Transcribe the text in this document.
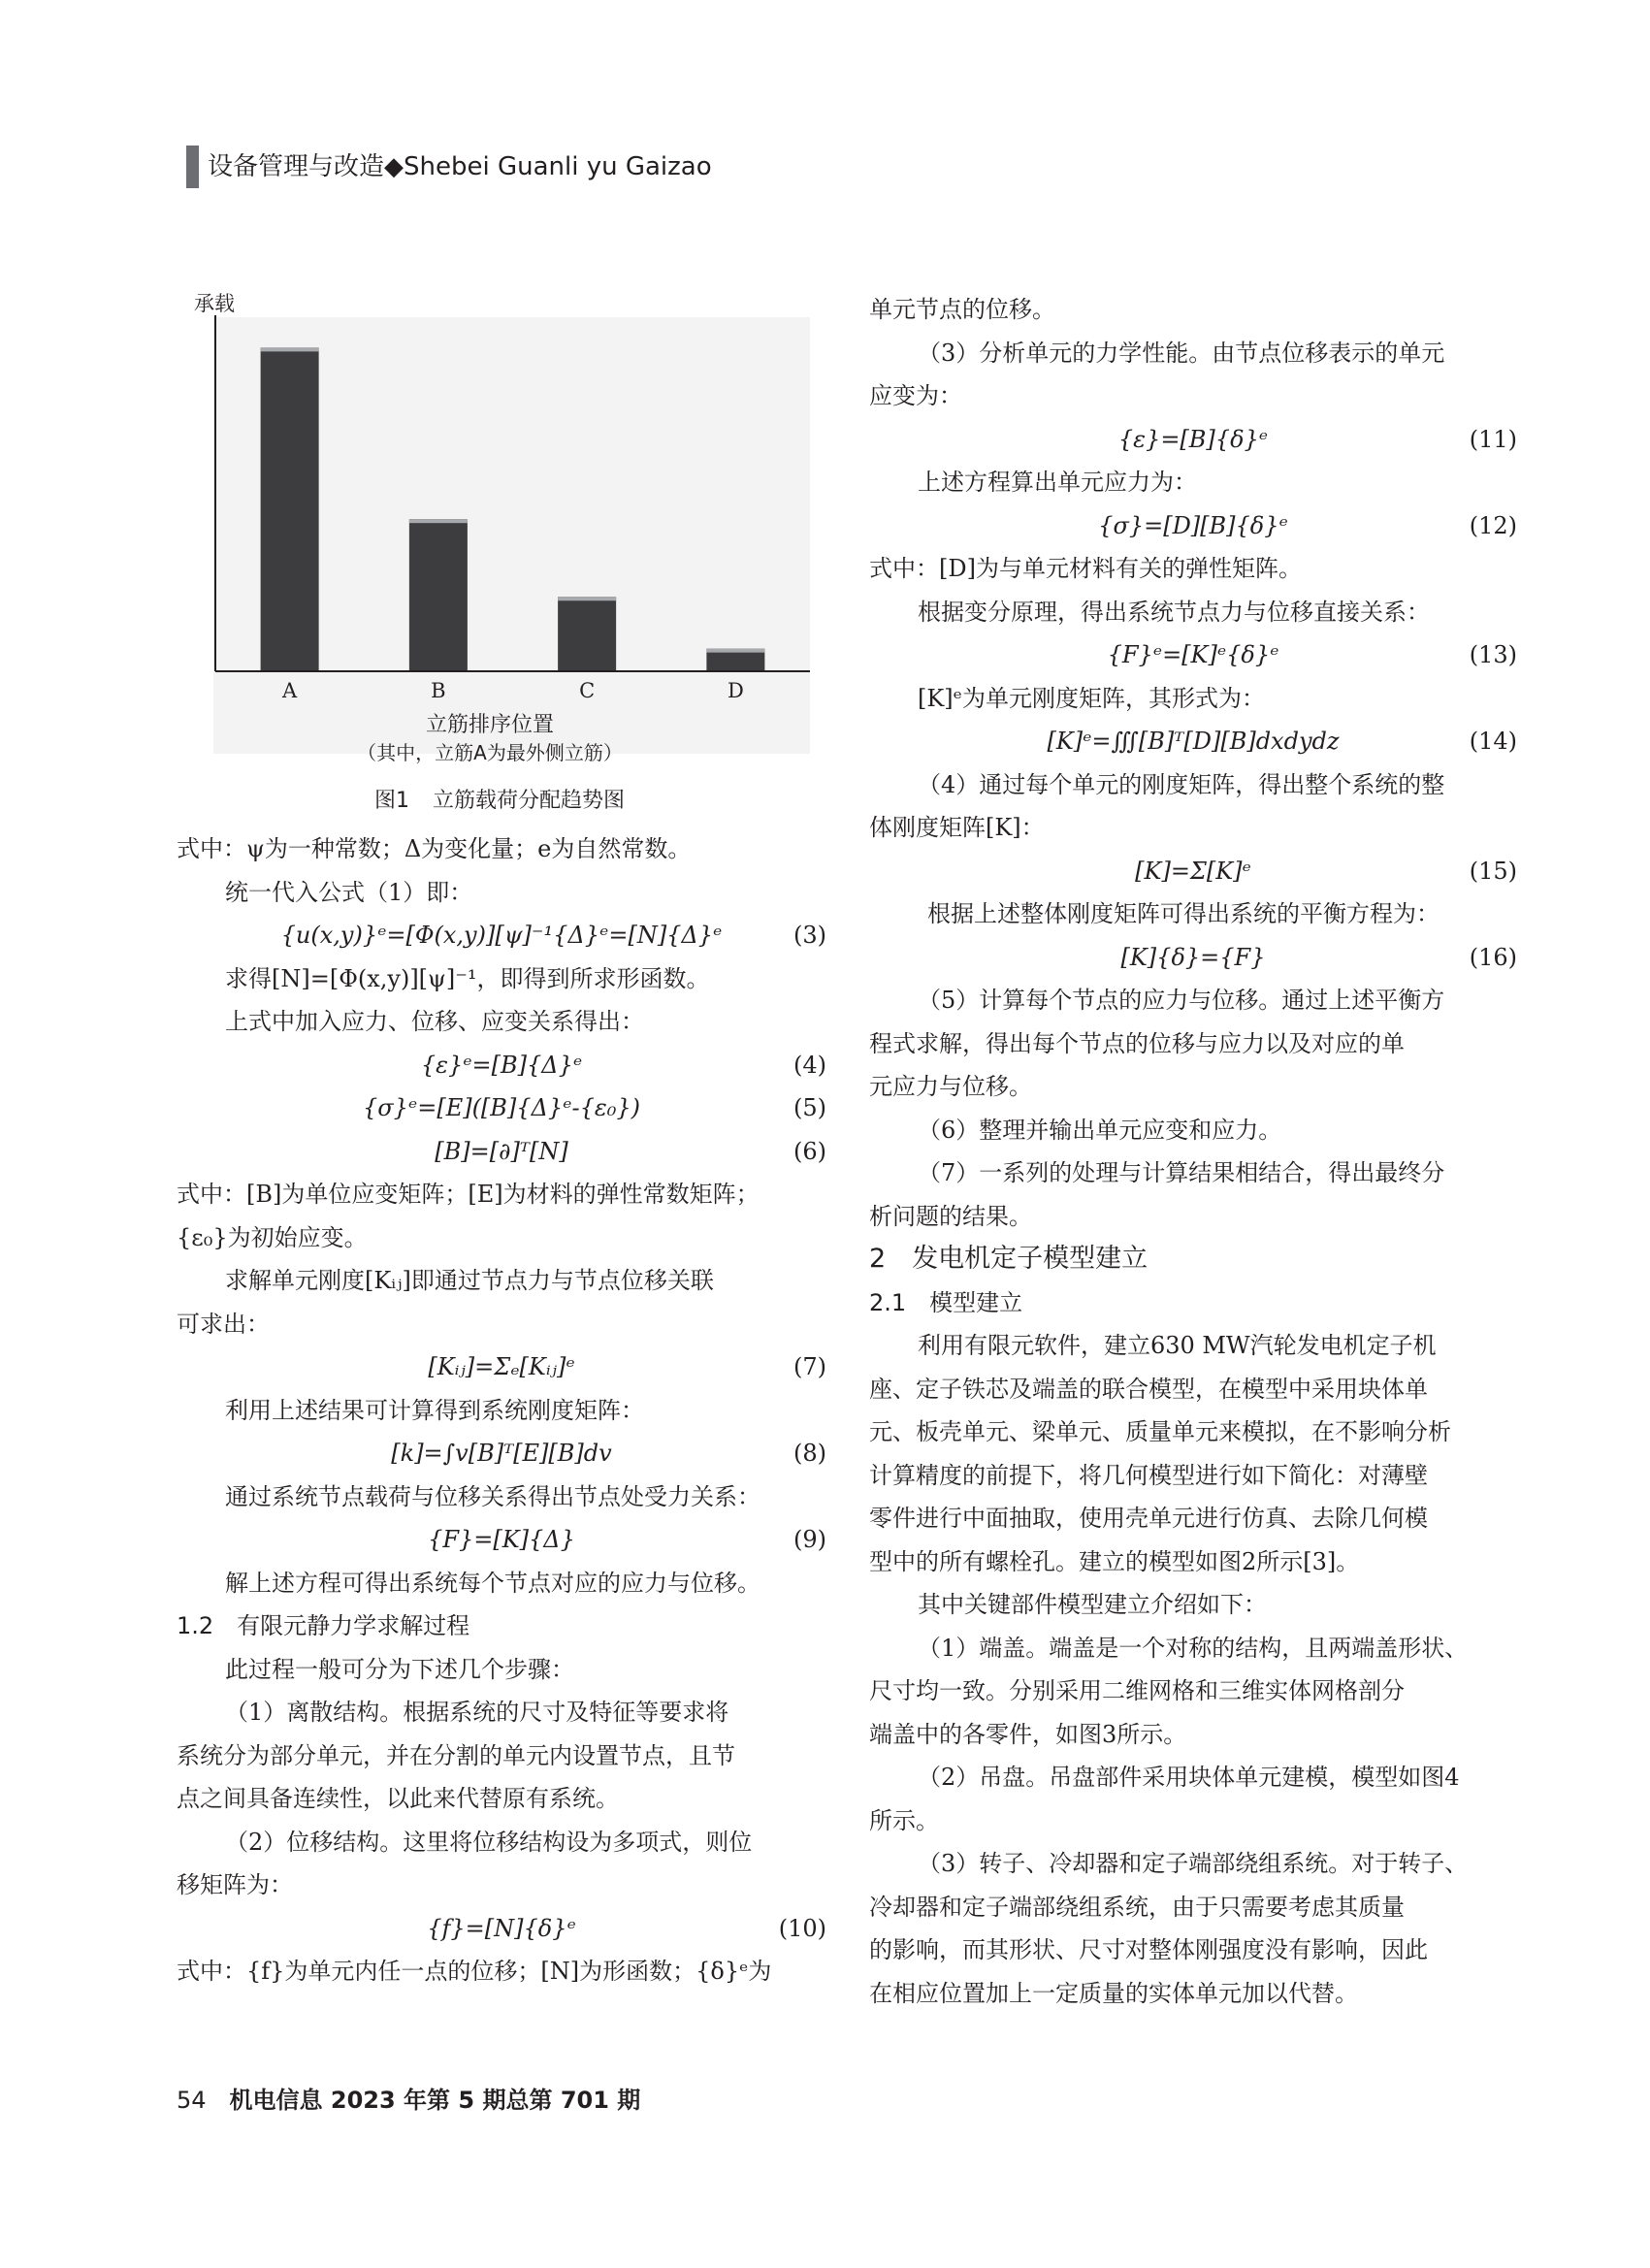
设备管理与改造◆Shebei Guanli yu Gaizao
承载
A	B	C	D
立筋排序位置
（其中，立筋A为最外侧立筋）
图1 立筋载荷分配趋势图

式中：ψ为一种常数；Δ为变化量；e为自然常数。

统一代入公式（1）即：

{u(x,y)}ᵉ=[Φ(x,y)][ψ]⁻¹{Δ}ᵉ=[N]{Δ}ᵉ	(3)

求得[N]=[Φ(x,y)][ψ]⁻¹，即得到所求形函数。

上式中加入应力、位移、应变关系得出：

{ε}ᵉ=[B]{Δ}ᵉ	(4)

{σ}ᵉ=[E]([B]{Δ}ᵉ-{ε₀})	(5)

[B]=[∂]ᵀ[N]	(6)

式中：[B]为单位应变矩阵；[E]为材料的弹性常数矩阵；

{ε₀}为初始应变。

求解单元刚度[Kᵢⱼ]即通过节点力与节点位移关联

可求出：

[Kᵢⱼ]=Σₑ[Kᵢⱼ]ᵉ	(7)

利用上述结果可计算得到系统刚度矩阵：

[k]=∫v[B]ᵀ[E][B]dv	(8)

通过系统节点载荷与位移关系得出节点处受力关系：

{F}=[K]{Δ}	(9)

解上述方程可得出系统每个节点对应的应力与位移。

1.2　有限元静力学求解过程

此过程一般可分为下述几个步骤：

（1）离散结构。根据系统的尺寸及特征等要求将

系统分为部分单元，并在分割的单元内设置节点，且节

点之间具备连续性，以此来代替原有系统。

（2）位移结构。这里将位移结构设为多项式，则位

移矩阵为：

{f}=[N]{δ}ᵉ	(10)

式中：{f}为单元内任一点的位移；[N]为形函数；{δ}ᵉ为

单元节点的位移。

（3）分析单元的力学性能。由节点位移表示的单元

应变为：

{ε}=[B]{δ}ᵉ	(11)

上述方程算出单元应力为：

{σ}=[D][B]{δ}ᵉ	(12)

式中：[D]为与单元材料有关的弹性矩阵。

根据变分原理，得出系统节点力与位移直接关系：

{F}ᵉ=[K]ᵉ{δ}ᵉ	(13)

[K]ᵉ为单元刚度矩阵，其形式为：

[K]ᵉ=∭[B]ᵀ[D][B]dxdydz	(14)

（4）通过每个单元的刚度矩阵，得出整个系统的整

体刚度矩阵[K]：

[K]=Σ[K]ᵉ	(15)

根据上述整体刚度矩阵可得出系统的平衡方程为：

[K]{δ}={F}	(16)

（5）计算每个节点的应力与位移。通过上述平衡方

程式求解，得出每个节点的位移与应力以及对应的单

元应力与位移。

（6）整理并输出单元应变和应力。

（7）一系列的处理与计算结果相结合，得出最终分

析问题的结果。

2　发电机定子模型建立

2.1　模型建立

利用有限元软件，建立630 MW汽轮发电机定子机

座、定子铁芯及端盖的联合模型，在模型中采用块体单

元、板壳单元、梁单元、质量单元来模拟，在不影响分析

计算精度的前提下，将几何模型进行如下简化：对薄壁

零件进行中面抽取，使用壳单元进行仿真、去除几何模

型中的所有螺栓孔。建立的模型如图2所示[3]。

其中关键部件模型建立介绍如下：

（1）端盖。端盖是一个对称的结构，且两端盖形状、

尺寸均一致。分别采用二维网格和三维实体网格剖分

端盖中的各零件，如图3所示。

（2）吊盘。吊盘部件采用块体单元建模，模型如图4

所示。

（3）转子、冷却器和定子端部绕组系统。对于转子、

冷却器和定子端部绕组系统，由于只需要考虑其质量

的影响，而其形状、尺寸对整体刚强度没有影响，因此

在相应位置加上一定质量的实体单元加以代替。

54 机电信息 2023 年第 5 期总第 701 期
